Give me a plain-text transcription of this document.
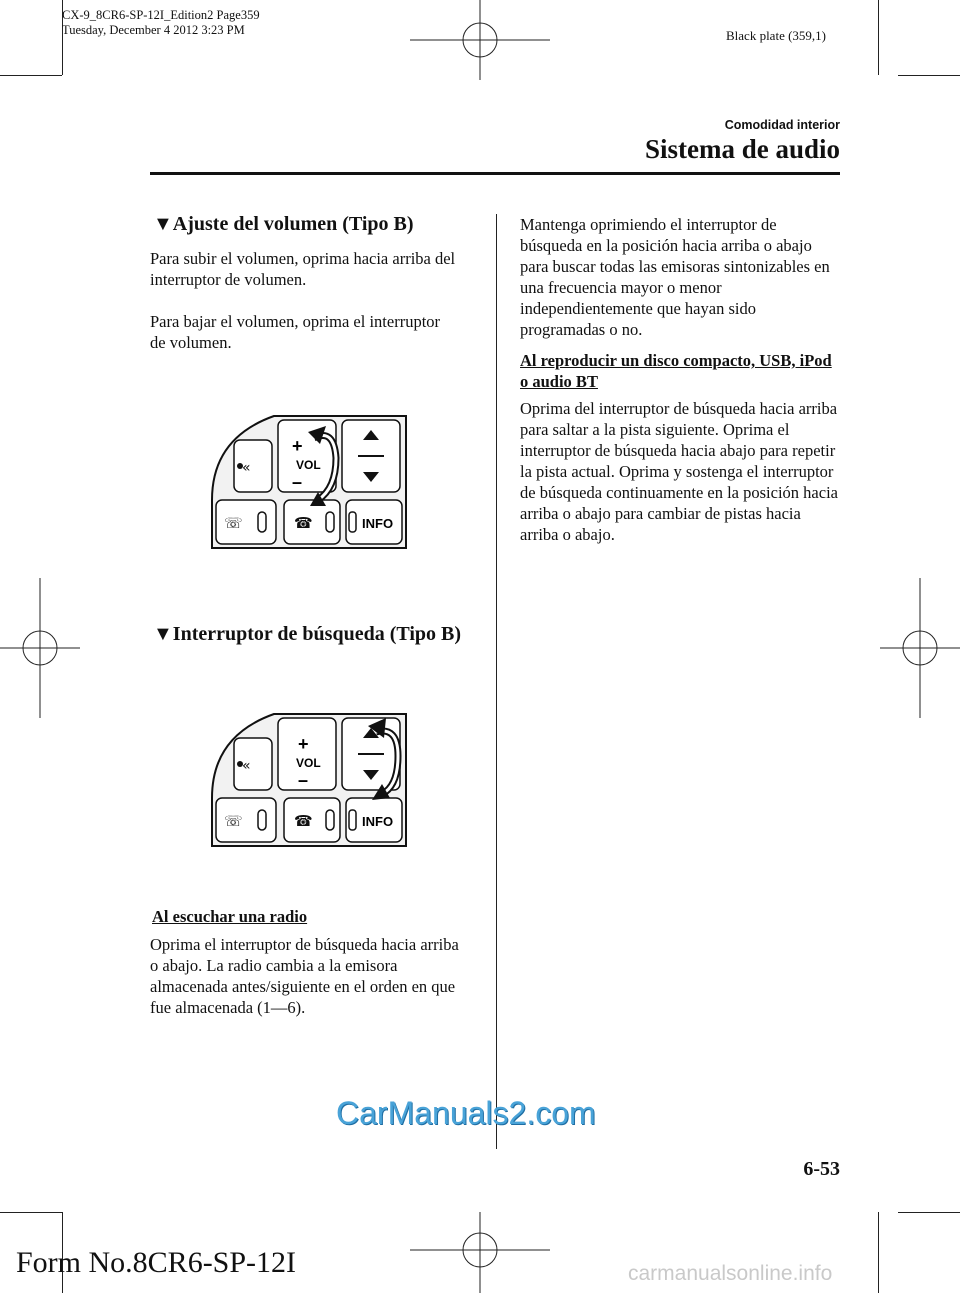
CX-9_8CR6-SP-12I_Edition2 Page359
Tuesday, December 4 2012 3:23 PM	Black plate (359,1)
Comodidad interior
Sistema de audio
▼Ajuste del volumen (Tipo B)

Para subir el volumen, oprima hacia arriba del interruptor de volumen.

Para bajar el volumen, oprima el interruptor de volumen.

«
+
VOL
–
☏	☎	INFO
▼Interruptor de búsqueda (Tipo B)
«
+
VOL
–
☏	☎	INFO
Al escuchar una radio

Oprima el interruptor de búsqueda hacia arriba o abajo. La radio cambia a la emisora almacenada antes/siguiente en el orden en que fue almacenada (1―6).

Mantenga oprimiendo el interruptor de búsqueda en la posición hacia arriba o abajo para buscar todas las emisoras sintonizables en una frecuencia mayor o menor independientemente que hayan sido programadas o no.

Al reproducir un disco compacto, USB, iPod o audio BT

Oprima del interruptor de búsqueda hacia arriba para saltar a la pista siguiente. Oprima el interruptor de búsqueda hacia abajo para repetir la pista actual. Oprima y sostenga el interruptor de búsqueda continuamente en la posición hacia arriba o abajo para cambiar de pistas hacia arriba o abajo.

6-53
Form No.8CR6-SP-12I
CarManuals2.com
carmanualsonline.info
